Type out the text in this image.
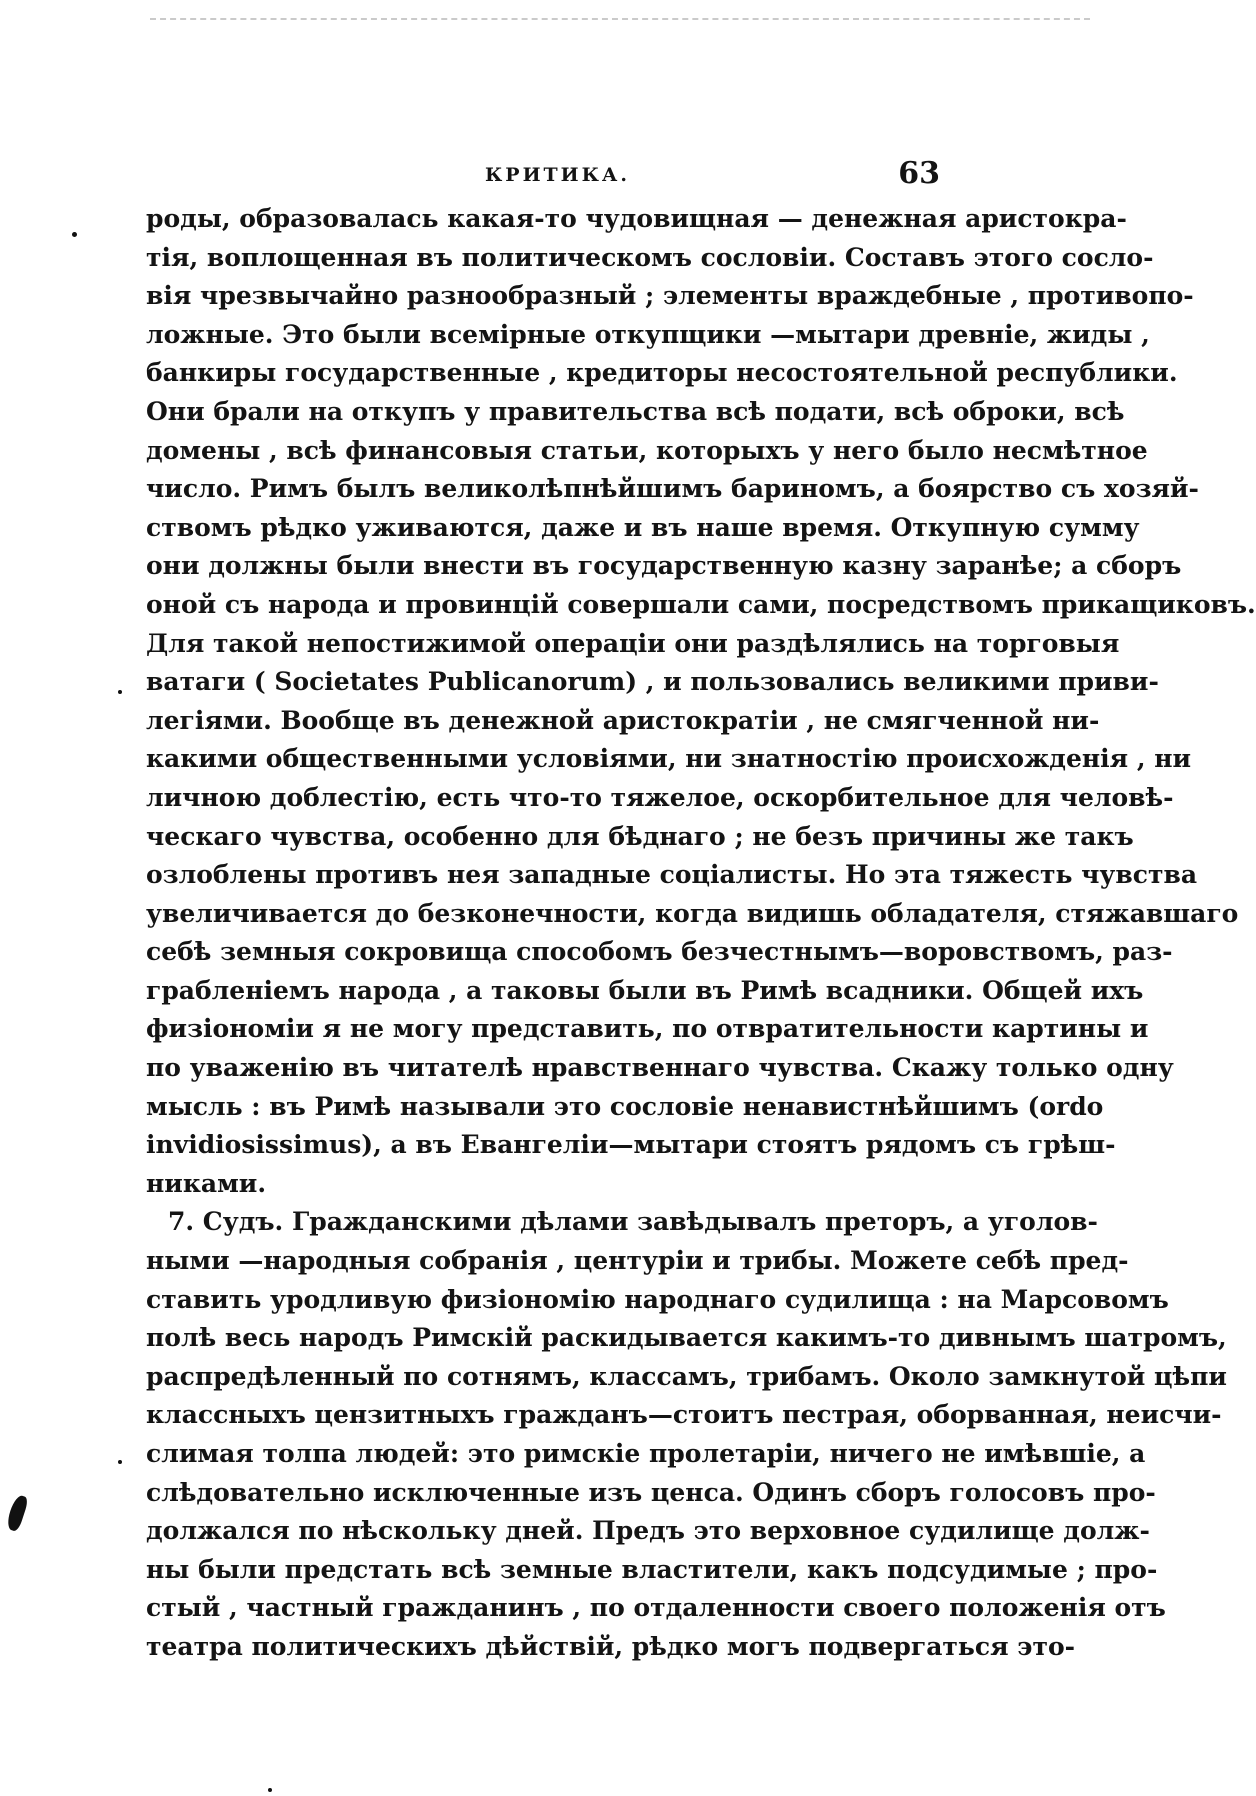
КРИТИКА.	63
роды, образовалась какая-то чудовищная — денежная аристокра-
тія, воплощенная въ политическомъ сословіи. Составъ этого сосло-
вія чрезвычайно разнообразный ; элементы враждебные , противопо-
ложные. Это были всемірные откупщики —мытари древніе, жиды ,
банкиры государственные , кредиторы несостоятельной республики.
Они брали на откупъ у правительства всѣ подати, всѣ оброки, всѣ
домены , всѣ финансовыя статьи, которыхъ у него было несмѣтное
число. Римъ былъ великолѣпнѣйшимъ бариномъ, а боярство съ хозяй-
ствомъ рѣдко уживаются, даже и въ наше время. Откупную сумму
они должны были внести въ государственную казну заранѣе; а сборъ
оной съ народа и провинцій совершали сами, посредствомъ прикащиковъ.
Для такой непостижимой операціи они раздѣлялись на торговыя
ватаги ( Societates Publicanorum) , и пользовались великими приви-
легіями. Вообще въ денежной аристократіи , не смягченной ни-
какими общественными условіями, ни знатностію происхожденія , ни
личною доблестію, есть что-то тяжелое, оскорбительное для человѣ-
ческаго чувства, особенно для бѣднаго ; не безъ причины же такъ
озлоблены противъ нея западные соціалисты. Но эта тяжесть чувства
увеличивается до безконечности, когда видишь обладателя, стяжавшаго
себѣ земныя сокровища способомъ безчестнымъ—воровствомъ, раз-
грабленіемъ народа , а таковы были въ Римѣ всадники. Общей ихъ
физіономіи я не могу представить, по отвратительности картины и
по уваженію въ читателѣ нравственнаго чувства. Скажу только одну
мысль : въ Римѣ называли это сословіе ненавистнѣйшимъ (ordo
invidiosissimus), а въ Евангеліи—мытари стоятъ рядомъ съ грѣш-
никами.
7. Судъ. Гражданскими дѣлами завѣдывалъ преторъ, а уголов-
ными —народныя собранія , центуріи и трибы. Можете себѣ пред-
ставить уродливую физіономію народнаго судилища : на Марсовомъ
полѣ весь народъ Римскій раскидывается какимъ-то дивнымъ шатромъ,
распредѣленный по сотнямъ, классамъ, трибамъ. Около замкнутой цѣпи
классныхъ цензитныхъ гражданъ—стоитъ пестрая, оборванная, неисчи-
слимая толпа людей: это римскіе пролетаріи, ничего не имѣвшіе, а
слѣдовательно исключенные изъ ценса. Одинъ сборъ голосовъ про-
должался по нѣскольку дней. Предъ это верховное судилище долж-
ны были предстать всѣ земные властители, какъ подсудимые ; про-
стый , частный гражданинъ , по отдаленности своего положенія отъ
театра политическихъ дѣйствій, рѣдко могъ подвергаться это-
